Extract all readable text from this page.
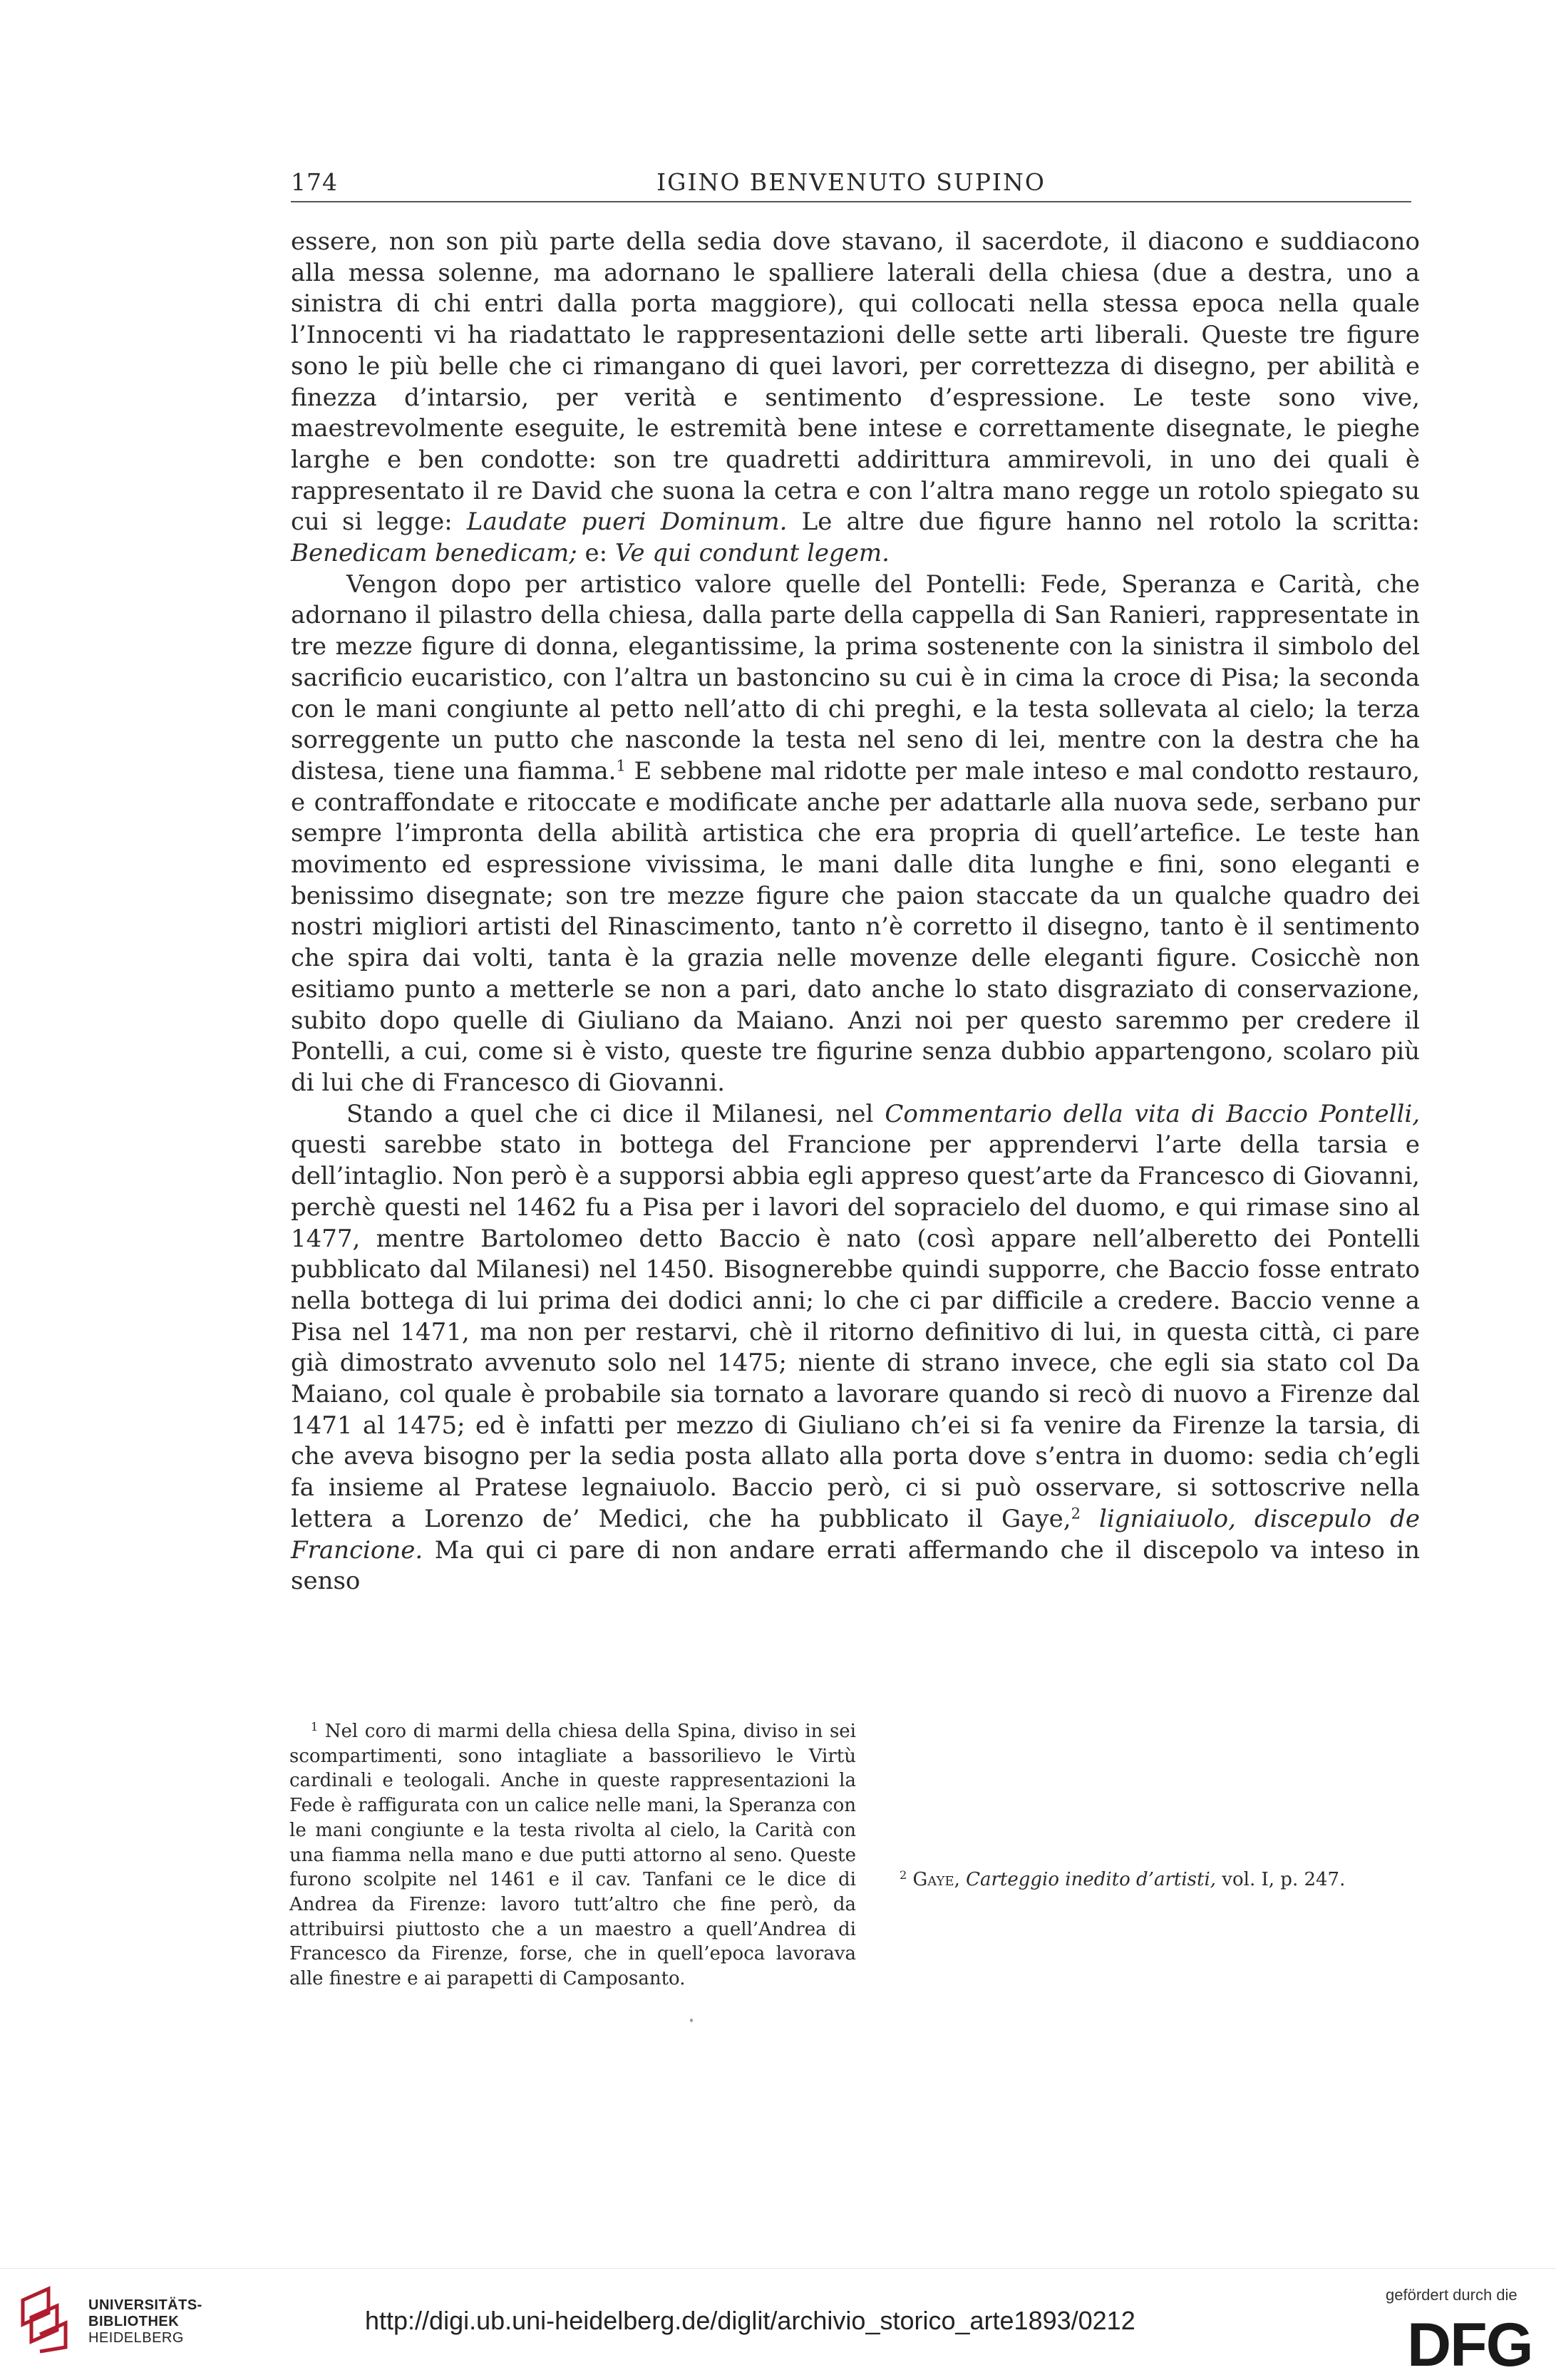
174	IGINO BENVENUTO SUPINO

essere, non son più parte della sedia dove stavano, il sacerdote, il diacono e suddiacono alla messa solenne, ma adornano le spalliere laterali della chiesa (due a destra, uno a sinistra di chi entri dalla porta maggiore), qui collocati nella stessa epoca nella quale l’Innocenti vi ha riadattato le rappresentazioni delle sette arti liberali. Queste tre figure sono le più belle che ci rimangano di quei lavori, per correttezza di disegno, per abilità e finezza d’intarsio, per verità e sentimento d’espressione. Le teste sono vive, maestrevolmente eseguite, le estremità bene intese e correttamente disegnate, le pieghe larghe e ben condotte: son tre quadretti addirittura ammirevoli, in uno dei quali è rappresentato il re David che suona la cetra e con l’altra mano regge un rotolo spiegato su cui si legge: Laudate pueri Dominum. Le altre due figure hanno nel rotolo la scritta: Benedicam benedicam; e: Ve qui condunt legem.

Vengon dopo per artistico valore quelle del Pontelli: Fede, Speranza e Carità, che adornano il pilastro della chiesa, dalla parte della cappella di San Ranieri, rappresentate in tre mezze figure di donna, elegantissime, la prima sostenente con la sinistra il simbolo del sacrificio eucaristico, con l’altra un bastoncino su cui è in cima la croce di Pisa; la seconda con le mani congiunte al petto nell’atto di chi preghi, e la testa sollevata al cielo; la terza sorreggente un putto che nasconde la testa nel seno di lei, mentre con la destra che ha distesa, tiene una fiamma.$^1$ E sebbene mal ridotte per male inteso e mal condotto restauro, e contraffondate e ritoccate e modificate anche per adattarle alla nuova sede, serbano pur sempre l’impronta della abilità artistica che era propria di quell’artefice. Le teste han movimento ed espressione vivissima, le mani dalle dita lunghe e fini, sono eleganti e benissimo disegnate; son tre mezze figure che paion staccate da un qualche quadro dei nostri migliori artisti del Rinascimento, tanto n’è corretto il disegno, tanto è il sentimento che spira dai volti, tanta è la grazia nelle movenze delle eleganti figure. Cosicchè non esitiamo punto a metterle se non a pari, dato anche lo stato disgraziato di conservazione, subito dopo quelle di Giuliano da Maiano. Anzi noi per questo saremmo per credere il Pontelli, a cui, come si è visto, queste tre figurine senza dubbio appartengono, scolaro più di lui che di Francesco di Giovanni.

Stando a quel che ci dice il Milanesi, nel Commentario della vita di Baccio Pontelli, questi sarebbe stato in bottega del Francione per apprendervi l’arte della tarsia e dell’intaglio. Non però è a supporsi abbia egli appreso quest’arte da Francesco di Giovanni, perchè questi nel 1462 fu a Pisa per i lavori del sopracielo del duomo, e qui rimase sino al 1477, mentre Bartolomeo detto Baccio è nato (così appare nell’alberetto dei Pontelli pubblicato dal Milanesi) nel 1450. Bisognerebbe quindi supporre, che Baccio fosse entrato nella bottega di lui prima dei dodici anni; lo che ci par difficile a credere. Baccio venne a Pisa nel 1471, ma non per restarvi, chè il ritorno definitivo di lui, in questa città, ci pare già dimostrato avvenuto solo nel 1475; niente di strano invece, che egli sia stato col Da Maiano, col quale è probabile sia tornato a lavorare quando si recò di nuovo a Firenze dal 1471 al 1475; ed è infatti per mezzo di Giuliano ch’ei si fa venire da Firenze la tarsia, di che aveva bisogno per la sedia posta allato alla porta dove s’entra in duomo: sedia ch’egli fa insieme al Pratese legnaiuolo. Baccio però, ci si può osservare, si sottoscrive nella lettera a Lorenzo de’ Medici, che ha pubblicato il Gaye,$^2$ ligniaiuolo, discepulo de Francione. Ma qui ci pare di non andare errati affermando che il discepolo va inteso in senso

$^1$ Nel coro di marmi della chiesa della Spina, diviso in sei scompartimenti, sono intagliate a bassorilievo le Virtù cardinali e teologali. Anche in queste rappresentazioni la Fede è raffigurata con un calice nelle mani, la Speranza con le mani congiunte e la testa rivolta al cielo, la Carità con una fiamma nella mano e due putti attorno al seno. Queste furono scolpite nel 1461 e il cav. Tanfani ce le dice di Andrea da Firenze: lavoro tutt’altro che fine però, da attribuirsi piuttosto che a un maestro a quell’Andrea di Francesco da Firenze, forse, che in quell’epoca lavorava alle finestre e ai parapetti di Camposanto.

$^2$ Gaye, Carteggio inedito d’artisti, vol. I, p. 247.

UNIVERSITÄTS-
BIBLIOTHEK
HEIDELBERG
http://digi.ub.uni-heidelberg.de/diglit/archivio_storico_arte1893/0212
gefördert durch die
DFG
